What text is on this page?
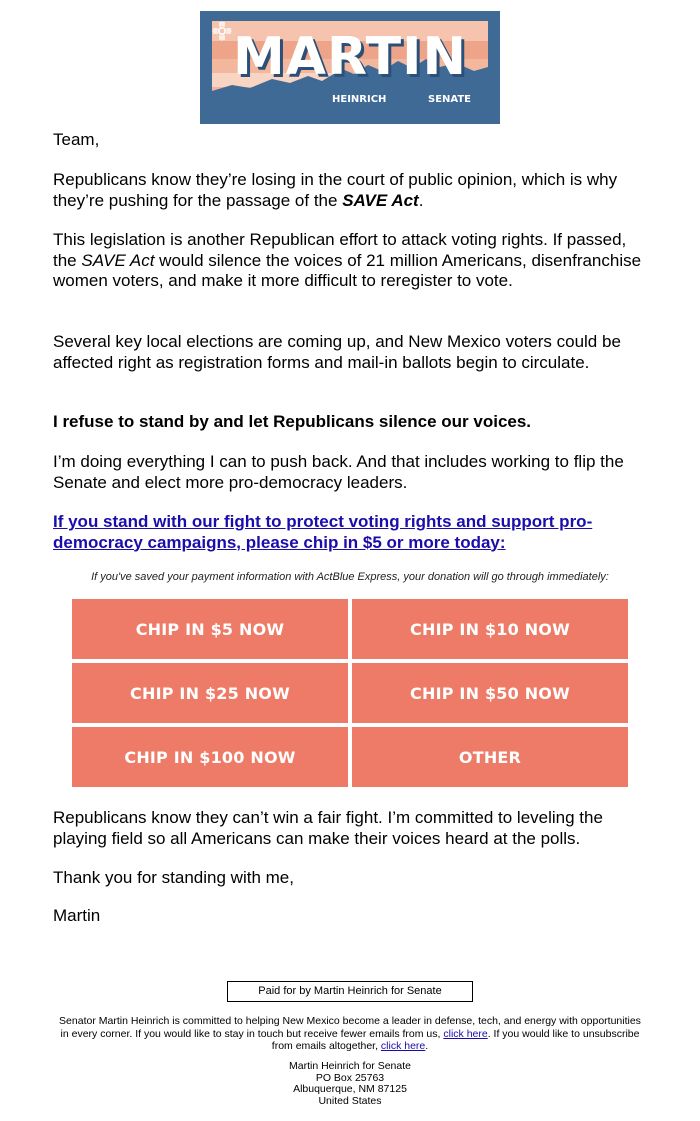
MARTIN
HEINRICH	SENATE

Team,

Republicans know they’re losing in the court of public opinion, which is why they’re pushing for the passage of the SAVE Act.

This legislation is another Republican effort to attack voting rights. If passed, the SAVE Act would silence the voices of 21 million Americans, disenfranchise women voters, and make it more difficult to reregister to vote.

Several key local elections are coming up, and New Mexico voters could be affected right as registration forms and mail-in ballots begin to circulate.

I refuse to stand by and let Republicans silence our voices.

I’m doing everything I can to push back. And that includes working to flip the Senate and elect more pro-democracy leaders.

If you stand with our fight to protect voting rights and support pro-democracy campaigns, please chip in $5 or more today:

If you've saved your payment information with ActBlue Express, your donation will go through immediately:
CHIP IN $5 NOW	CHIP IN $10 NOW
CHIP IN $25 NOW	CHIP IN $50 NOW
CHIP IN $100 NOW	OTHER

Republicans know they can’t win a fair fight. I’m committed to leveling the playing field so all Americans can make their voices heard at the polls.

Thank you for standing with me,

Martin

Paid for by Martin Heinrich for Senate
Senator Martin Heinrich is committed to helping New Mexico become a leader in defense, tech, and energy with opportunities in every corner. If you would like to stay in touch but receive fewer emails from us, click here. If you would like to unsubscribe from emails altogether, click here.
Martin Heinrich for Senate
PO Box 25763
Albuquerque, NM 87125
United States
